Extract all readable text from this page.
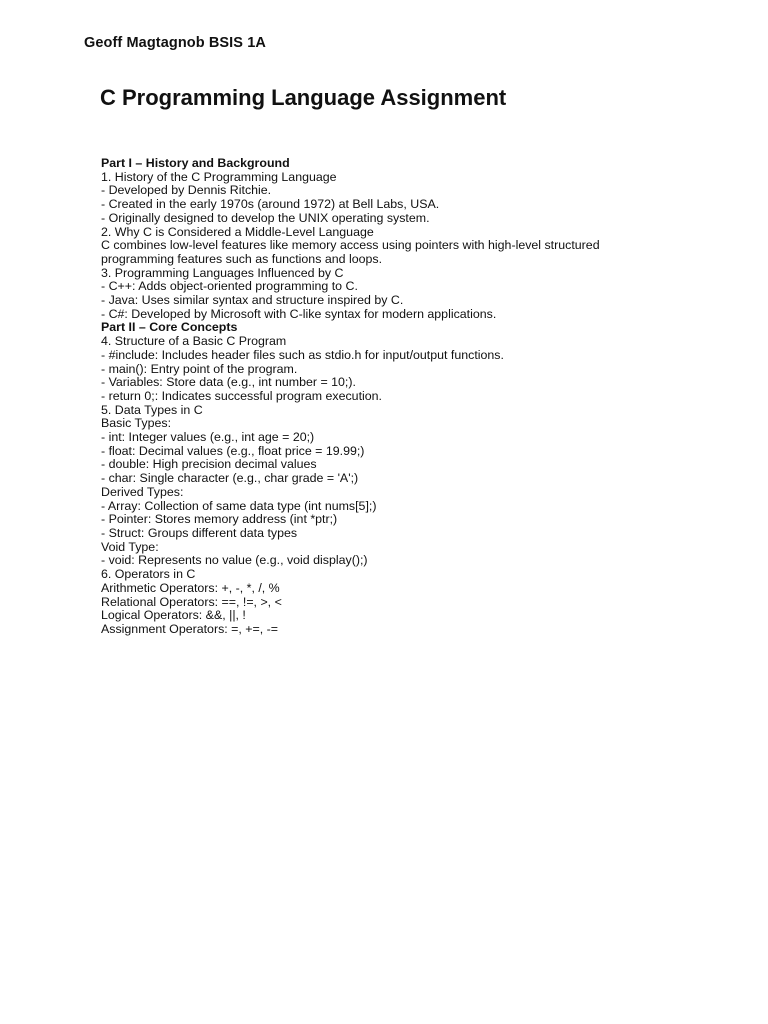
Geoff Magtagnob BSIS 1A
C Programming Language Assignment
Part I – History and Background
1. History of the C Programming Language
- Developed by Dennis Ritchie.
- Created in the early 1970s (around 1972) at Bell Labs, USA.
- Originally designed to develop the UNIX operating system.
2. Why C is Considered a Middle-Level Language
C combines low-level features like memory access using pointers with high-level structured programming features such as functions and loops.
3. Programming Languages Influenced by C
- C++: Adds object-oriented programming to C.
- Java: Uses similar syntax and structure inspired by C.
- C#: Developed by Microsoft with C-like syntax for modern applications.
Part II – Core Concepts
4. Structure of a Basic C Program
- #include: Includes header files such as stdio.h for input/output functions.
- main(): Entry point of the program.
- Variables: Store data (e.g., int number = 10;).
- return 0;: Indicates successful program execution.
5. Data Types in C
Basic Types:
- int: Integer values (e.g., int age = 20;)
- float: Decimal values (e.g., float price = 19.99;)
- double: High precision decimal values
- char: Single character (e.g., char grade = 'A';)
Derived Types:
- Array: Collection of same data type (int nums[5];)
- Pointer: Stores memory address (int *ptr;)
- Struct: Groups different data types
Void Type:
- void: Represents no value (e.g., void display();)
6. Operators in C
Arithmetic Operators: +, -, *, /, %
Relational Operators: ==, !=, >, <
Logical Operators: &&, ||, !
Assignment Operators: =, +=, -=
